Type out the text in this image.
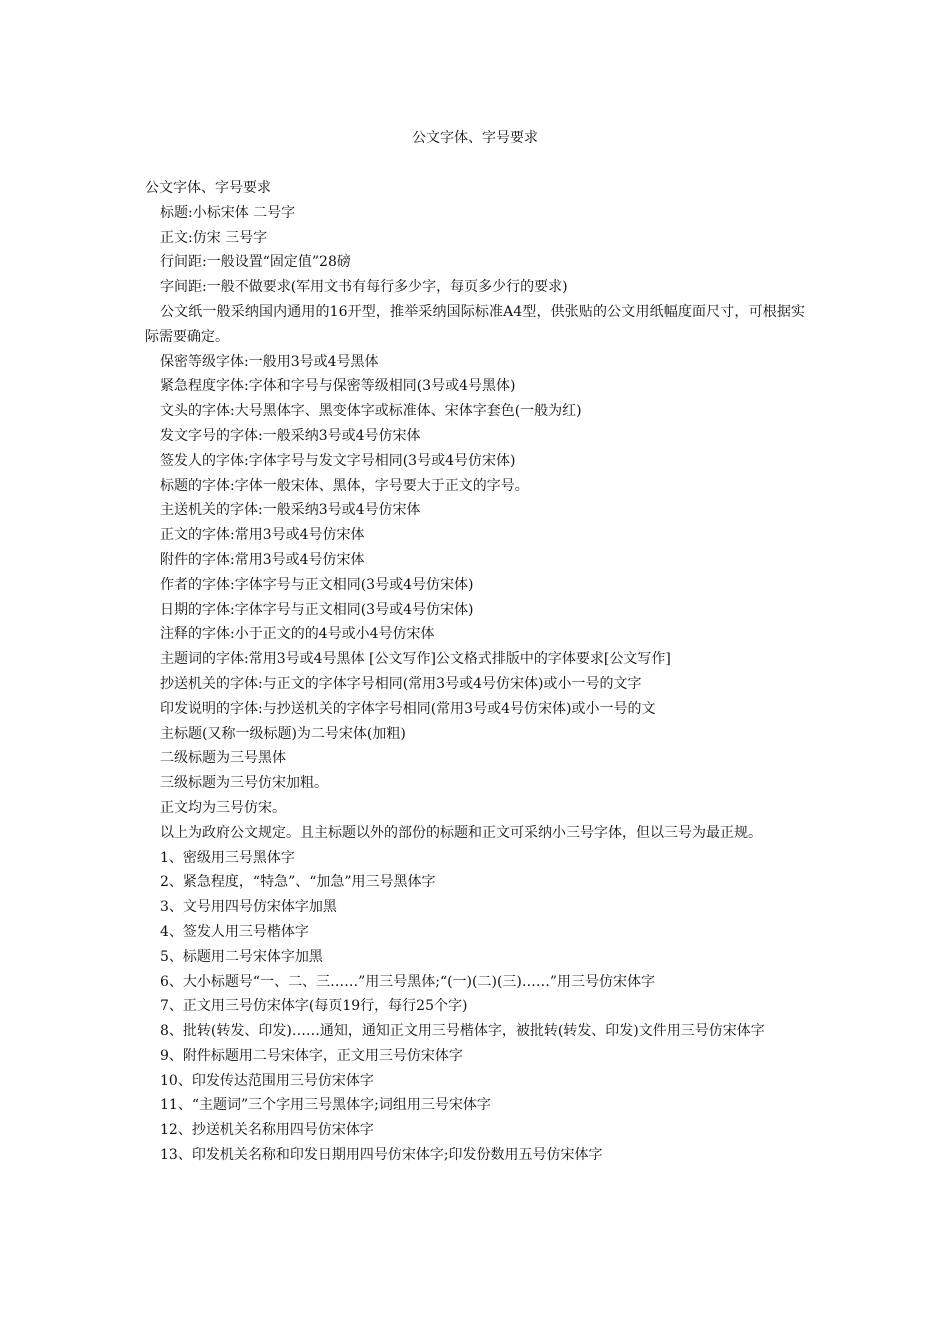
公文字体、字号要求

公文字体、字号要求

标题:小标宋体 二号字

正文:仿宋 三号字

行间距:一般设置“固定值”28磅

字间距:一般不做要求(军用文书有每行多少字，每页多少行的要求)

公文纸一般采纳国内通用的16开型，推举采纳国际标准A4型，供张贴的公文用纸幅度面尺寸，可根据实际需要确定。

保密等级字体:一般用3号或4号黑体

紧急程度字体:字体和字号与保密等级相同(3号或4号黑体)

文头的字体:大号黑体字、黑变体字或标准体、宋体字套色(一般为红)

发文字号的字体:一般采纳3号或4号仿宋体

签发人的字体:字体字号与发文字号相同(3号或4号仿宋体)

标题的字体:字体一般宋体、黑体，字号要大于正文的字号。

主送机关的字体:一般采纳3号或4号仿宋体

正文的字体:常用3号或4号仿宋体

附件的字体:常用3号或4号仿宋体

作者的字体:字体字号与正文相同(3号或4号仿宋体)

日期的字体:字体字号与正文相同(3号或4号仿宋体)

注释的字体:小于正文的的4号或小4号仿宋体

主题词的字体:常用3号或4号黑体 [公文写作]公文格式排版中的字体要求[公文写作]

抄送机关的字体:与正文的字体字号相同(常用3号或4号仿宋体)或小一号的文字

印发说明的字体:与抄送机关的字体字号相同(常用3号或4号仿宋体)或小一号的文

主标题(又称一级标题)为二号宋体(加粗)

二级标题为三号黑体

三级标题为三号仿宋加粗。

正文均为三号仿宋。

以上为政府公文规定。且主标题以外的部份的标题和正文可采纳小三号字体，但以三号为最正规。

1、密级用三号黑体字

2、紧急程度，“特急”、“加急”用三号黑体字

3、文号用四号仿宋体字加黑

4、签发人用三号楷体字

5、标题用二号宋体字加黑

6、大小标题号“一、二、三……”用三号黑体;“(一)(二)(三)……”用三号仿宋体字

7、正文用三号仿宋体字(每页19行，每行25个字)

8、批转(转发、印发)……通知，通知正文用三号楷体字，被批转(转发、印发)文件用三号仿宋体字

9、附件标题用二号宋体字，正文用三号仿宋体字

10、印发传达范围用三号仿宋体字

11、“主题词”三个字用三号黑体字;词组用三号宋体字

12、抄送机关名称用四号仿宋体字

13、印发机关名称和印发日期用四号仿宋体字;印发份数用五号仿宋体字
